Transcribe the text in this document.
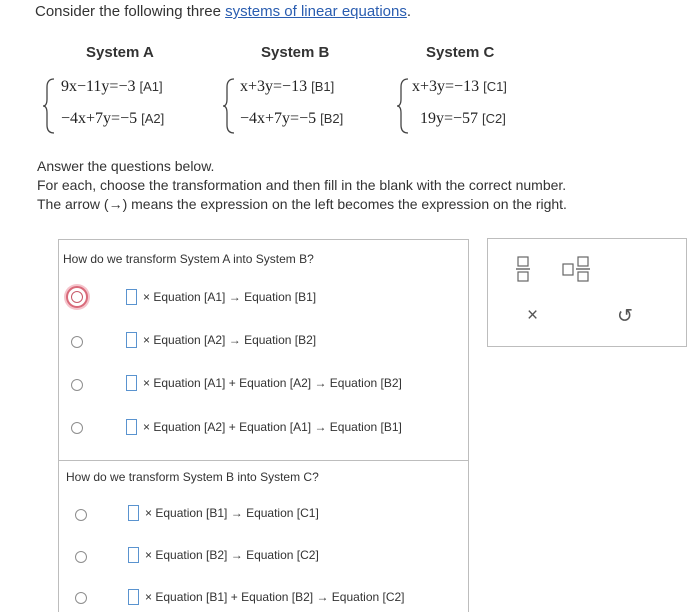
Consider the following three systems of linear equations.
System A	System B	System C
9x−11y=−3 [A1]
−4x+7y=−5 [A2]
x+3y=−13 [B1]
−4x+7y=−5 [B2]
x+3y=−13 [C1]
19y=−57 [C2]
Answer the questions below.
For each, choose the transformation and then fill in the blank with the correct number.
The arrow (→) means the expression on the left becomes the expression on the right.
How do we transform System A into System B?
× Equation [A1] → Equation [B1]
× Equation [A2] → Equation [B2]
× Equation [A1] + Equation [A2] → Equation [B2]
× Equation [A2] + Equation [A1] → Equation [B1]
How do we transform System B into System C?
× Equation [B1] → Equation [C1]
× Equation [B2] → Equation [C2]
× Equation [B1] + Equation [B2] → Equation [C2]
×	↺
